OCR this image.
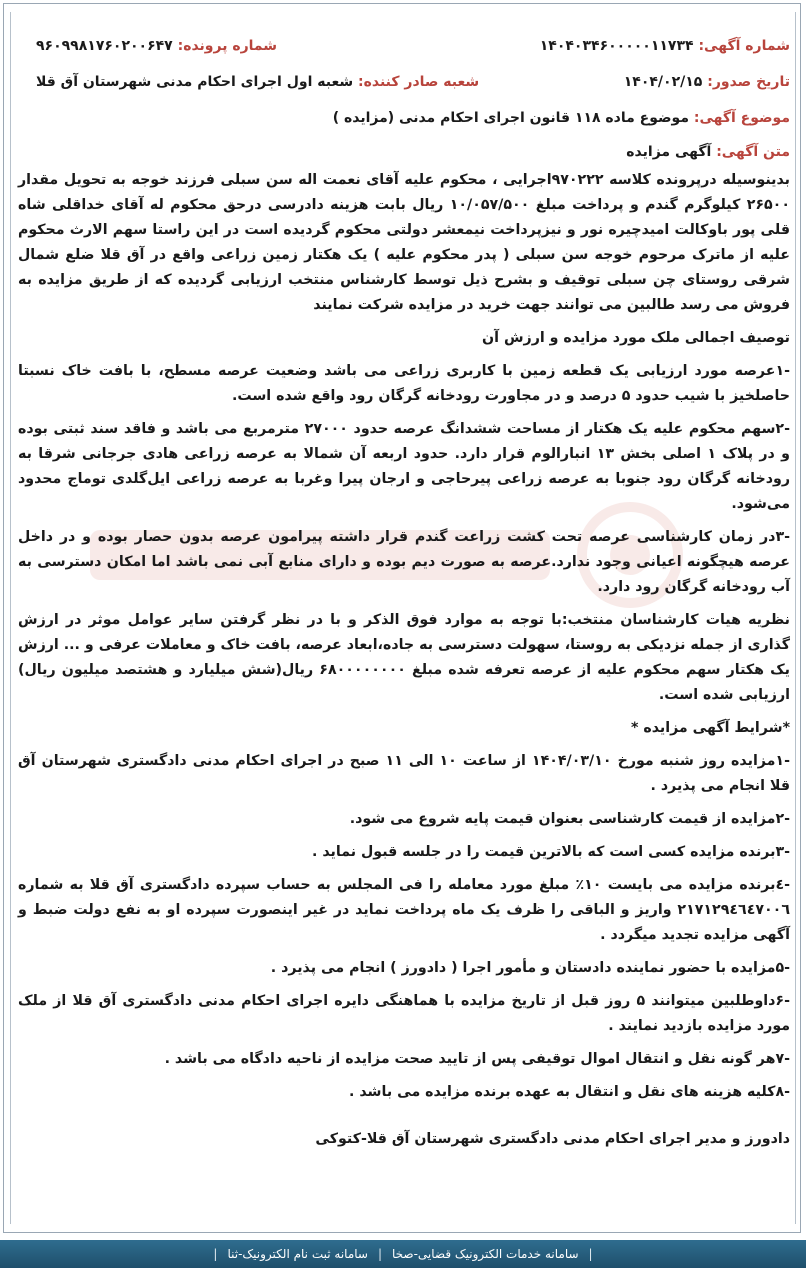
شماره آگهی: ۱۴۰۴۰۳۴۶۰۰۰۰۰۱۱۷۳۴
شماره پرونده: ۹۶۰۹۹۸۱۷۶۰۲۰۰۶۴۷
تاریخ صدور: ۱۴۰۴/۰۲/۱۵
شعبه صادر کننده: شعبه اول اجرای احکام مدنی شهرستان آق قلا
موضوع آگهی: موضوع ماده ۱۱۸ قانون اجرای احکام مدنی (مزایده )
متن آگهی: آگهی مزایده

بدینوسیله درپرونده کلاسه ۹۷۰۲۲۲اجرایی ، محکوم علیه آقای نعمت اله سن سبلی فرزند خوجه به تحویل مقدار ۲۶۵۰۰ کیلوگرم گندم و پرداخت مبلغ ۱۰/۰۵۷/۵۰۰ ریال بابت هزینه دادرسی درحق محکوم له آقای خداقلی شاه قلی پور باوکالت امیدچیره نور و نیزپرداخت نیمعشر دولتی محکوم گردیده است در این راستا سهم الارث محکوم علیه از ماترک مرحوم خوجه سن سبلی ( پدر محکوم علیه ) یک هکتار زمین زراعی واقع در آق قلا ضلع شمال شرقی روستای چن سبلی توقیف و بشرح ذیل توسط کارشناس منتخب ارزیابی گردیده که از طریق مزایده به فروش می رسد طالبین می توانند جهت خرید در مزایده شرکت نمایند

توصیف اجمالی ملک مورد مزایده و ارزش آن

-۱عرصه مورد ارزیابی یک قطعه زمین با کاربری زراعی می باشد وضعیت عرصه مسطح، با بافت خاک نسبتا حاصلخیز با شیب حدود ۵ درصد و در مجاورت رودخانه گرگان رود واقع شده است.

-۲سهم محکوم علیه یک هکتار از مساحت ششدانگ عرصه حدود ۲۷۰۰۰ مترمربع می باشد و فاقد سند ثبتی بوده و در پلاک ۱ اصلی بخش ۱۳ انبارالوم قرار دارد. حدود اربعه آن شمالا به عرصه زراعی هادی جرجانی شرقا به رودخانه گرگان رود جنوبا به عرصه زراعی پیرحاجی و ارجان پیرا وغربا به عرصه زراعی ایل‌گلدی توماج محدود می‌شود.

-۳در زمان کارشناسی عرصه تحت کشت زراعت گندم قرار داشته پیرامون عرصه بدون حصار بوده و در داخل عرصه هیچگونه اعیانی وجود ندارد.عرصه به صورت دیم بوده و دارای منابع آبی نمی باشد اما امکان دسترسی به آب رودخانه گرگان رود دارد.

نظریه هیات کارشناسان منتخب:با توجه به موارد فوق الذکر و با در نظر گرفتن سایر عوامل موثر در ارزش گذاری از جمله نزدیکی به روستا، سهولت دسترسی به جاده،ابعاد عرصه، بافت خاک و معاملات عرفی و ... ارزش یک هکتار سهم محکوم علیه از عرصه تعرفه شده مبلغ ۶۸۰۰۰۰۰۰۰۰ ریال(شش میلیارد و هشتصد میلیون ریال) ارزیابی شده است.

*شرایط آگهی مزایده *

-۱مزایده روز شنبه مورخ ۱۴۰۴/۰۳/۱۰ از ساعت ۱۰ الی ۱۱ صبح در اجرای احکام مدنی دادگستری شهرستان آق قلا انجام می پذیرد .

-۲مزایده از قیمت کارشناسی بعنوان قیمت پایه شروع می شود.

-۳برنده مزایده کسی است که بالاترین قیمت را در جلسه قبول نماید .

-٤برنده مزایده می بایست ۱۰٪ مبلغ مورد معامله را فی المجلس به حساب سپرده دادگستری آق قلا به شماره ۲۱۷۱۲۹٤٦٤۷۰۰٦ واریز و الباقی را ظرف یک ماه پرداخت نماید در غیر اینصورت سپرده او به نفع دولت ضبط و آگهی مزایده تجدید میگردد .

-۵مزایده با حضور نماینده دادستان و مأمور اجرا ( دادورز ) انجام می پذیرد .

-۶داوطلبین میتوانند ۵ روز قبل از تاریخ مزایده با هماهنگی دایره اجرای احکام مدنی دادگستری آق قلا از ملک مورد مزایده بازدید نمایند .

-۷هر گونه نقل و انتقال اموال توقیفی پس از تایید صحت مزایده از ناحیه دادگاه می باشد .

-۸کلیه هزینه های نقل و انتقال به عهده برنده مزایده می باشد .

دادورز و مدیر اجرای احکام مدنی دادگستری شهرستان آق قلا-کتوکی

|
سامانه خدمات الکترونیک قضایی-صخا
|
سامانه ثبت نام الکترونیک-ثنا
|
